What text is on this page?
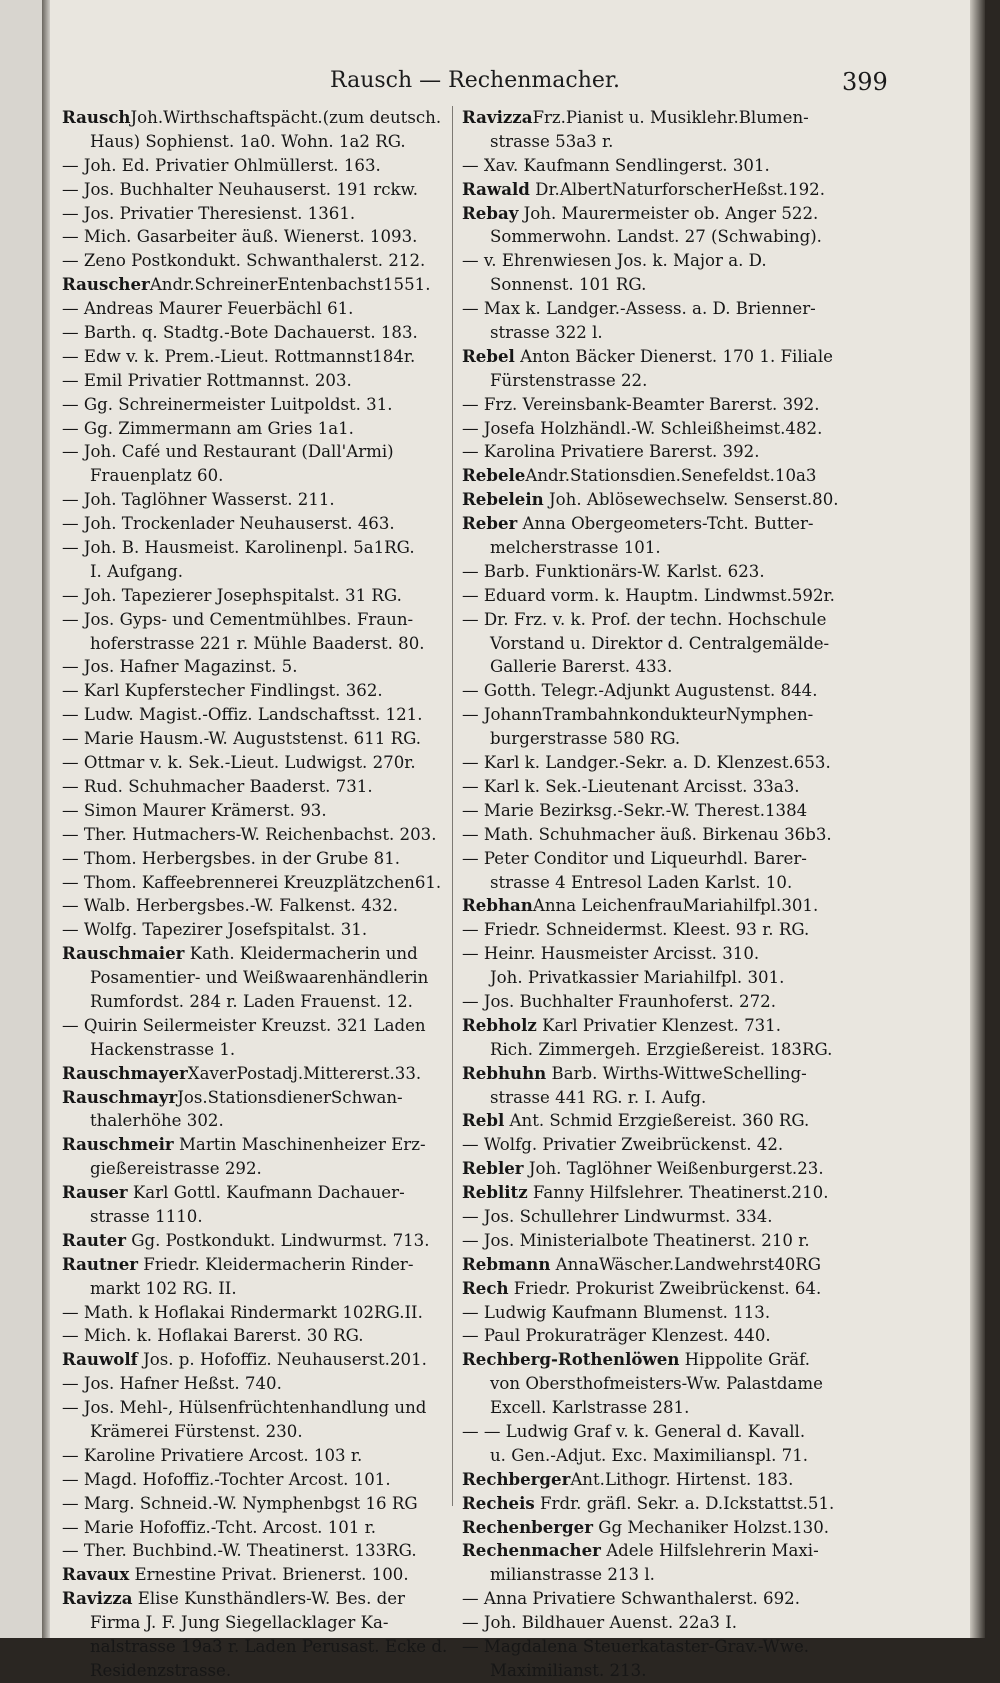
Rausch — Rechenmacher.	399
RauschJoh.Wirthschaftspächt.(zum deutsch.
Haus) Sophienst. 1a0. Wohn. 1a2 RG.
— Joh. Ed. Privatier Ohlmüllerst. 163.
— Jos. Buchhalter Neuhauserst. 191 rckw.
— Jos. Privatier Theresienst. 1361.
— Mich. Gasarbeiter äuß. Wienerst. 1093.
— Zeno Postkondukt. Schwanthalerst. 212.
RauscherAndr.SchreinerEntenbachst1551.
— Andreas Maurer Feuerbächl 61.
— Barth. q. Stadtg.-Bote Dachauerst. 183.
— Edw v. k. Prem.-Lieut. Rottmannst184r.
— Emil Privatier Rottmannst. 203.
— Gg. Schreinermeister Luitpoldst. 31.
— Gg. Zimmermann am Gries 1a1.
— Joh. Café und Restaurant (Dall'Armi)
Frauenplatz 60.
— Joh. Taglöhner Wasserst. 211.
— Joh. Trockenlader Neuhauserst. 463.
— Joh. B. Hausmeist. Karolinenpl. 5a1RG.
I. Aufgang.
— Joh. Tapezierer Josephspitalst. 31 RG.
— Jos. Gyps- und Cementmühlbes. Fraun-
hoferstrasse 221 r. Mühle Baaderst. 80.
— Jos. Hafner Magazinst. 5.
— Karl Kupferstecher Findlingst. 362.
— Ludw. Magist.-Offiz. Landschaftsst. 121.
— Marie Hausm.-W. Auguststenst. 611 RG.
— Ottmar v. k. Sek.-Lieut. Ludwigst. 270r.
— Rud. Schuhmacher Baaderst. 731.
— Simon Maurer Krämerst. 93.
— Ther. Hutmachers-W. Reichenbachst. 203.
— Thom. Herbergsbes. in der Grube 81.
— Thom. Kaffeebrennerei Kreuzplätzchen61.
— Walb. Herbergsbes.-W. Falkenst. 432.
— Wolfg. Tapezirer Josefspitalst. 31.
Rauschmaier Kath. Kleidermacherin und
Posamentier- und Weißwaarenhändlerin
Rumfordst. 284 r. Laden Frauenst. 12.
— Quirin Seilermeister Kreuzst. 321 Laden
Hackenstrasse 1.
RauschmayerXaverPostadj.Mittererst.33.
RauschmayrJos.StationsdienerSchwan-
thalerhöhe 302.
Rauschmeir Martin Maschinenheizer Erz-
gießereistrasse 292.
Rauser Karl Gottl. Kaufmann Dachauer-
strasse 1110.
Rauter Gg. Postkondukt. Lindwurmst. 713.
Rautner Friedr. Kleidermacherin Rinder-
markt 102 RG. II.
— Math. k Hoflakai Rindermarkt 102RG.II.
— Mich. k. Hoflakai Barerst. 30 RG.
Rauwolf Jos. p. Hofoffiz. Neuhauserst.201.
— Jos. Hafner Heßst. 740.
— Jos. Mehl-, Hülsenfrüchtenhandlung und
Krämerei Fürstenst. 230.
— Karoline Privatiere Arcost. 103 r.
— Magd. Hofoffiz.-Tochter Arcost. 101.
— Marg. Schneid.-W. Nymphenbgst 16 RG
— Marie Hofoffiz.-Tcht. Arcost. 101 r.
— Ther. Buchbind.-W. Theatinerst. 133RG.
Ravaux Ernestine Privat. Brienerst. 100.
Ravizza Elise Kunsthändlers-W. Bes. der
Firma J. F. Jung Siegellacklager Ka-
nalstrasse 19a3 r. Laden Perusast. Ecke d.
Residenzstrasse.
RavizzaFrz.Pianist u. Musiklehr.Blumen-
strasse 53a3 r.
— Xav. Kaufmann Sendlingerst. 301.
Rawald Dr.AlbertNaturforscherHeßst.192.
Rebay Joh. Maurermeister ob. Anger 522.
Sommerwohn. Landst. 27 (Schwabing).
— v. Ehrenwiesen Jos. k. Major a. D.
Sonnenst. 101 RG.
— Max k. Landger.-Assess. a. D. Brienner-
strasse 322 l.
Rebel Anton Bäcker Dienerst. 170 1. Filiale
Fürstenstrasse 22.
— Frz. Vereinsbank-Beamter Barerst. 392.
— Josefa Holzhändl.-W. Schleißheimst.482.
— Karolina Privatiere Barerst. 392.
RebeleAndr.Stationsdien.Senefeldst.10a3
Rebelein Joh. Ablösewechselw. Senserst.80.
Reber Anna Obergeometers-Tcht. Butter-
melcherstrasse 101.
— Barb. Funktionärs-W. Karlst. 623.
— Eduard vorm. k. Hauptm. Lindwmst.592r.
— Dr. Frz. v. k. Prof. der techn. Hochschule
Vorstand u. Direktor d. Centralgemälde-
Gallerie Barerst. 433.
— Gotth. Telegr.-Adjunkt Augustenst. 844.
— JohannTrambahnkondukteurNymphen-
burgerstrasse 580 RG.
— Karl k. Landger.-Sekr. a. D. Klenzest.653.
— Karl k. Sek.-Lieutenant Arcisst. 33a3.
— Marie Bezirksg.-Sekr.-W. Therest.1384
— Math. Schuhmacher äuß. Birkenau 36b3.
— Peter Conditor und Liqueurhdl. Barer-
strasse 4 Entresol Laden Karlst. 10.
RebhanAnna LeichenfrauMariahilfpl.301.
— Friedr. Schneidermst. Kleest. 93 r. RG.
— Heinr. Hausmeister Arcisst. 310.
Joh. Privatkassier Mariahilfpl. 301.
— Jos. Buchhalter Fraunhoferst. 272.
Rebholz Karl Privatier Klenzest. 731.
Rich. Zimmergeh. Erzgießereist. 183RG.
Rebhuhn Barb. Wirths-WittweSchelling-
strasse 441 RG. r. I. Aufg.
Rebl Ant. Schmid Erzgießereist. 360 RG.
— Wolfg. Privatier Zweibrückenst. 42.
Rebler Joh. Taglöhner Weißenburgerst.23.
Reblitz Fanny Hilfslehrer. Theatinerst.210.
— Jos. Schullehrer Lindwurmst. 334.
— Jos. Ministerialbote Theatinerst. 210 r.
Rebmann AnnaWäscher.Landwehrst40RG
Rech Friedr. Prokurist Zweibrückenst. 64.
— Ludwig Kaufmann Blumenst. 113.
— Paul Prokuraträger Klenzest. 440.
Rechberg-Rothenlöwen Hippolite Gräf.
von Obersthofmeisters-Ww. Palastdame
Excell. Karlstrasse 281.
— — Ludwig Graf v. k. General d. Kavall.
u. Gen.-Adjut. Exc. Maximilianspl. 71.
RechbergerAnt.Lithogr. Hirtenst. 183.
Recheis Frdr. gräfl. Sekr. a. D.Ickstattst.51.
Rechenberger Gg Mechaniker Holzst.130.
Rechenmacher Adele Hilfslehrerin Maxi-
milianstrasse 213 l.
— Anna Privatiere Schwanthalerst. 692.
— Joh. Bildhauer Auenst. 22a3 I.
— Magdalena Steuerkataster-Grav.-Wwe.
Maximilianst. 213.
